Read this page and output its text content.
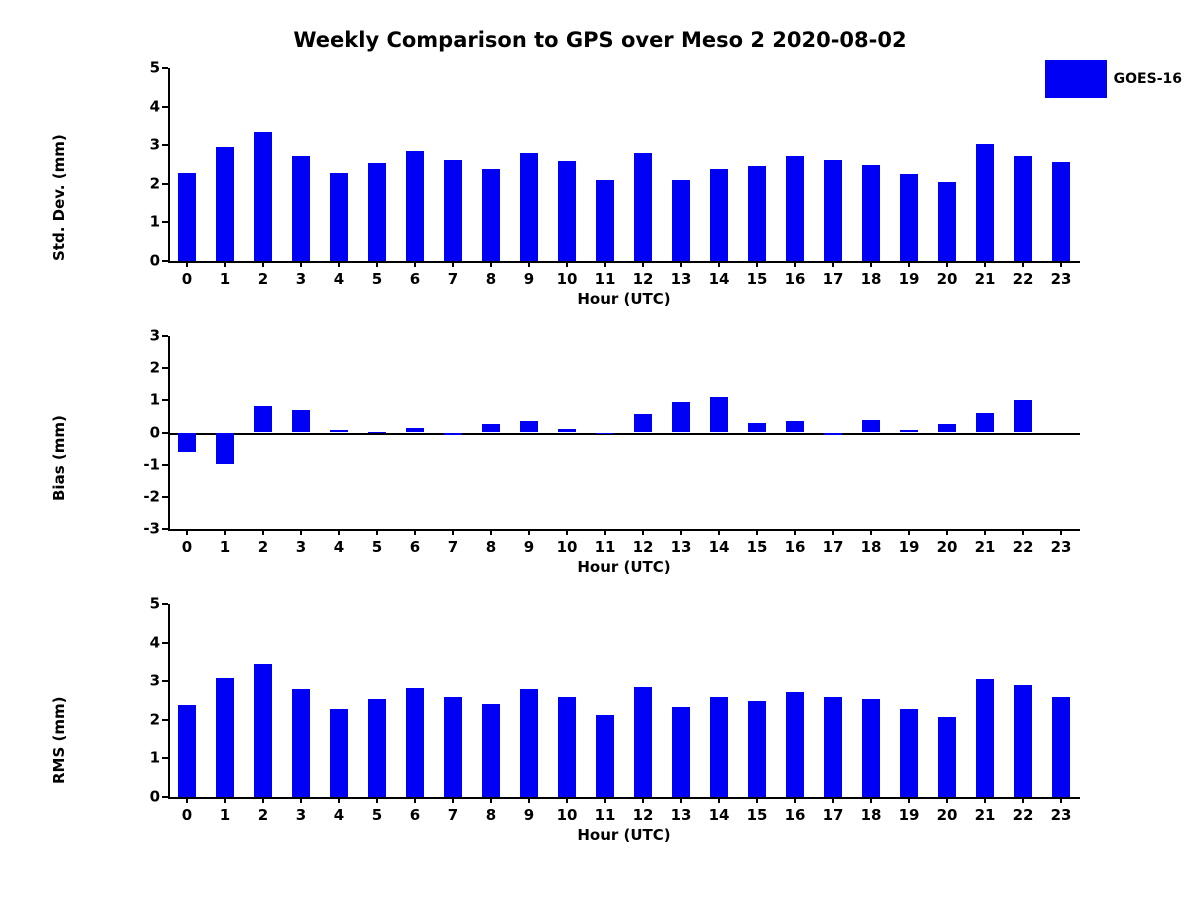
Weekly Comparison to GPS over Meso 2 2020-08-02
GOES-16
0
1
2
3
4
5
0	1	2	3	4	5	6	7	8	9	10	11	12	13	14	15	16	17	18	19	20	21	22	23
Std. Dev. (mm)
Hour (UTC)
-3
-2
-1
0
1
2
3
0	1	2	3	4	5	6	7	8	9	10	11	12	13	14	15	16	17	18	19	20	21	22	23
Bias (mm)
Hour (UTC)
0
1
2
3
4
5
0	1	2	3	4	5	6	7	8	9	10	11	12	13	14	15	16	17	18	19	20	21	22	23
RMS (mm)
Hour (UTC)
